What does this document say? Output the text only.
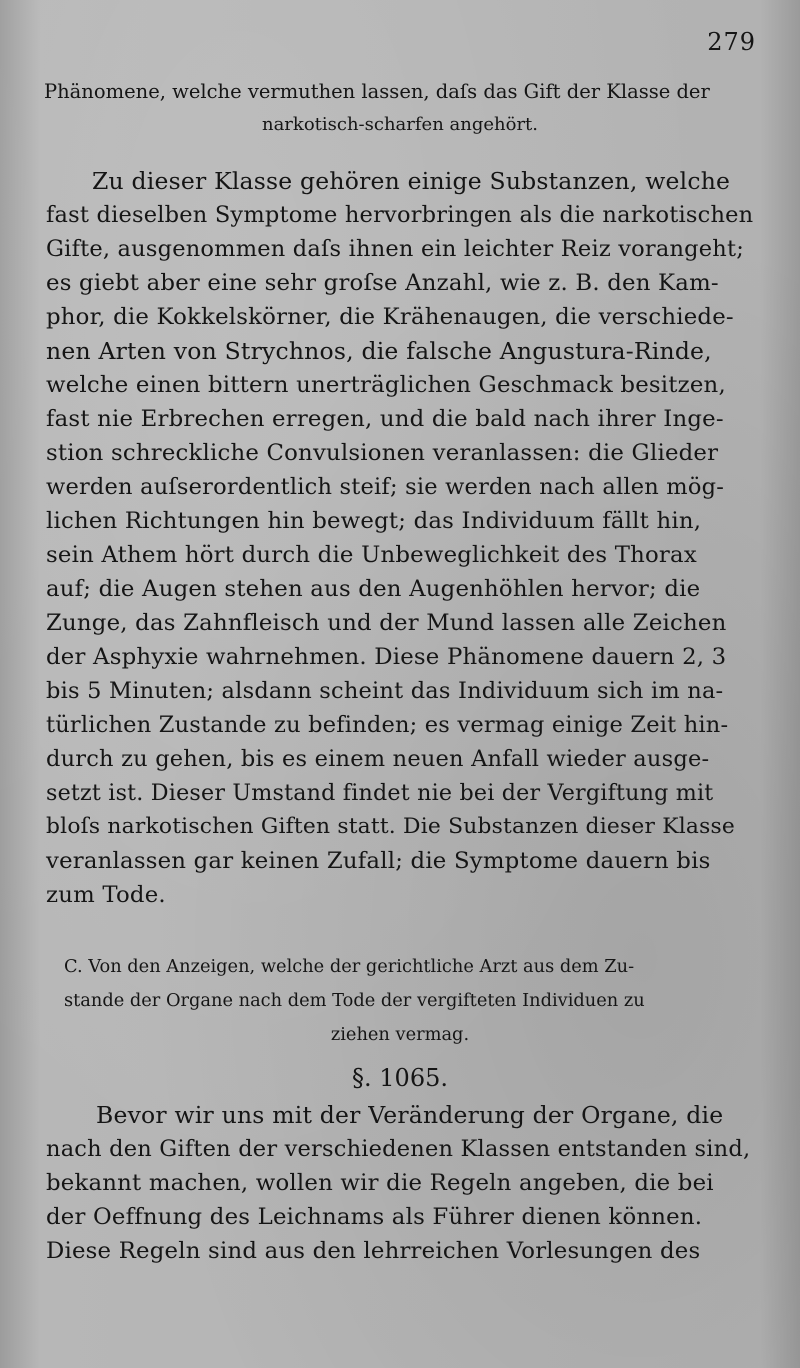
279
Phänomene, welche vermuthen lassen, daſs das Gift der Klasse der
narkotisch-scharfen angehört.
Zu dieser Klasse gehören einige Substanzen, welche
fast dieselben Symptome hervorbringen als die narkotischen
Gifte, ausgenommen daſs ihnen ein leichter Reiz vorangeht;
es giebt aber eine sehr groſse Anzahl, wie z. B. den Kam-
phor, die Kokkelskörner, die Krähenaugen, die verschiede-
nen Arten von Strychnos, die falsche Angustura-Rinde,
welche einen bittern unerträglichen Geschmack besitzen,
fast nie Erbrechen erregen, und die bald nach ihrer Inge-
stion schreckliche Convulsionen veranlassen: die Glieder
werden auſserordentlich steif; sie werden nach allen mög-
lichen Richtungen hin bewegt; das Individuum fällt hin,
sein Athem hört durch die Unbeweglichkeit des Thorax
auf; die Augen stehen aus den Augenhöhlen hervor; die
Zunge, das Zahnfleisch und der Mund lassen alle Zeichen
der Asphyxie wahrnehmen. Diese Phänomene dauern 2, 3
bis 5 Minuten; alsdann scheint das Individuum sich im na-
türlichen Zustande zu befinden; es vermag einige Zeit hin-
durch zu gehen, bis es einem neuen Anfall wieder ausge-
setzt ist. Dieser Umstand findet nie bei der Vergiftung mit
bloſs narkotischen Giften statt. Die Substanzen dieser Klasse
veranlassen gar keinen Zufall; die Symptome dauern bis
zum Tode.
C. Von den Anzeigen, welche der gerichtliche Arzt aus dem Zu-
stande der Organe nach dem Tode der vergifteten Individuen zu
ziehen vermag.
§. 1065.
Bevor wir uns mit der Veränderung der Organe, die
nach den Giften der verschiedenen Klassen entstanden sind,
bekannt machen, wollen wir die Regeln angeben, die bei
der Oeffnung des Leichnams als Führer dienen können.
Diese Regeln sind aus den lehrreichen Vorlesungen des
